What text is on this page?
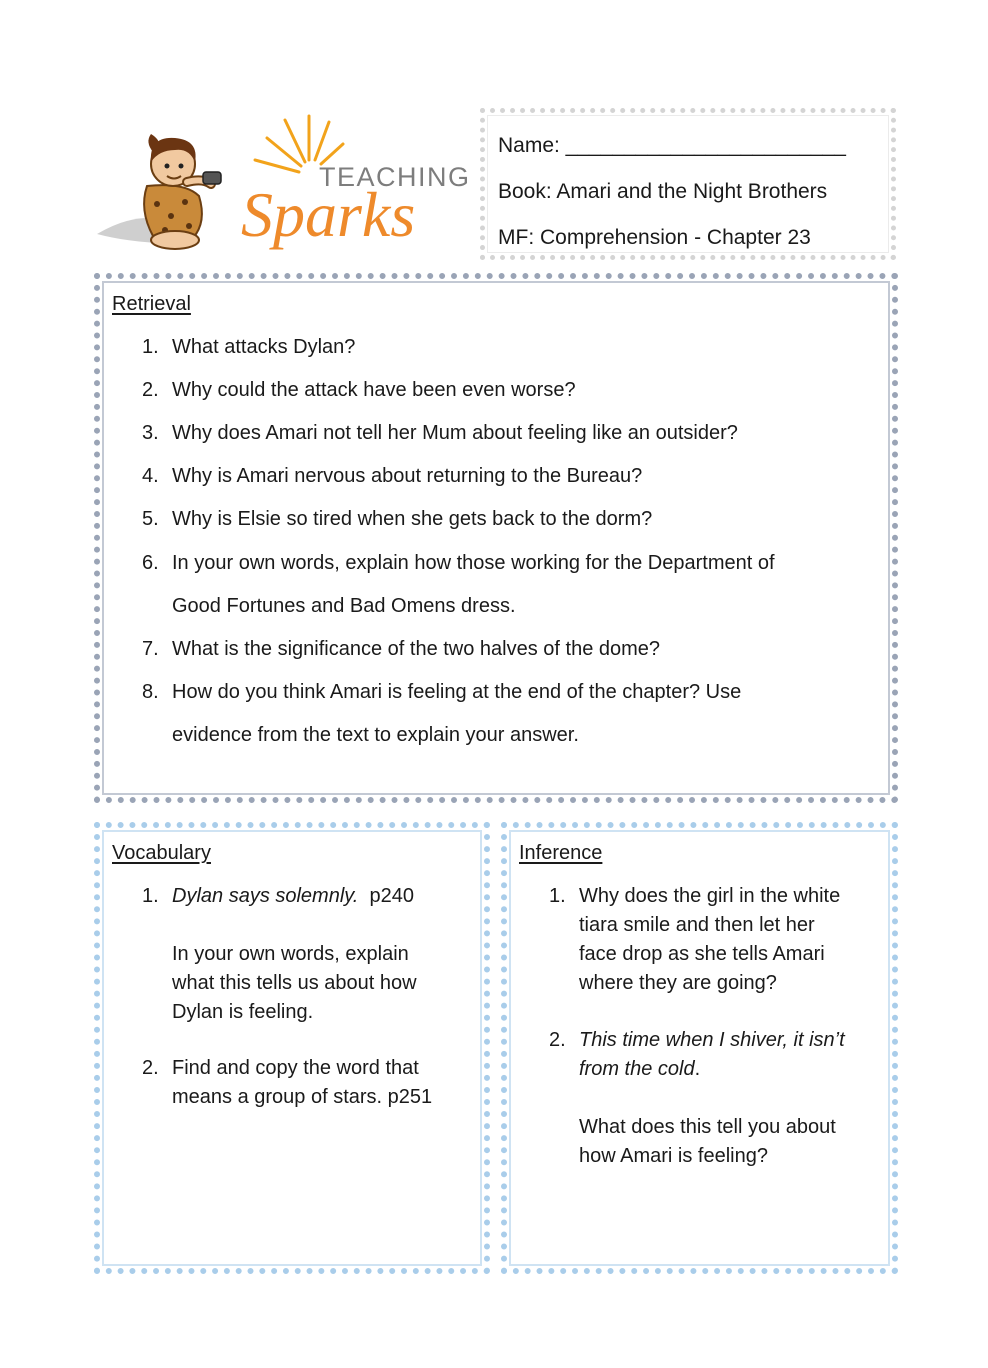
TEACHING
Sparks
Name: ________________________
Book: Amari and the Night Brothers
MF: Comprehension - Chapter 23
Retrieval
1. What attacks Dylan?
2. Why could the attack have been even worse?
3. Why does Amari not tell her Mum about feeling like an outsider?
4. Why is Amari nervous about returning to the Bureau?
5. Why is Elsie so tired when she gets back to the dorm?
6. In your own words, explain how those working for the Department of
Good Fortunes and Bad Omens dress.
7. What is the significance of the two halves of the dome?
8. How do you think Amari is feeling at the end of the chapter? Use
evidence from the text to explain your answer.
Vocabulary
1. Dylan says solemnly.  p240

In your own words, explain
what this tells us about how
Dylan is feeling.

2. Find and copy the word that
means a group of stars. p251

Inference
1. Why does the girl in the white
tiara smile and then let her
face drop as she tells Amari
where they are going?

2. This time when I shiver, it isn’t
from the cold.

What does this tell you about
how Amari is feeling?
